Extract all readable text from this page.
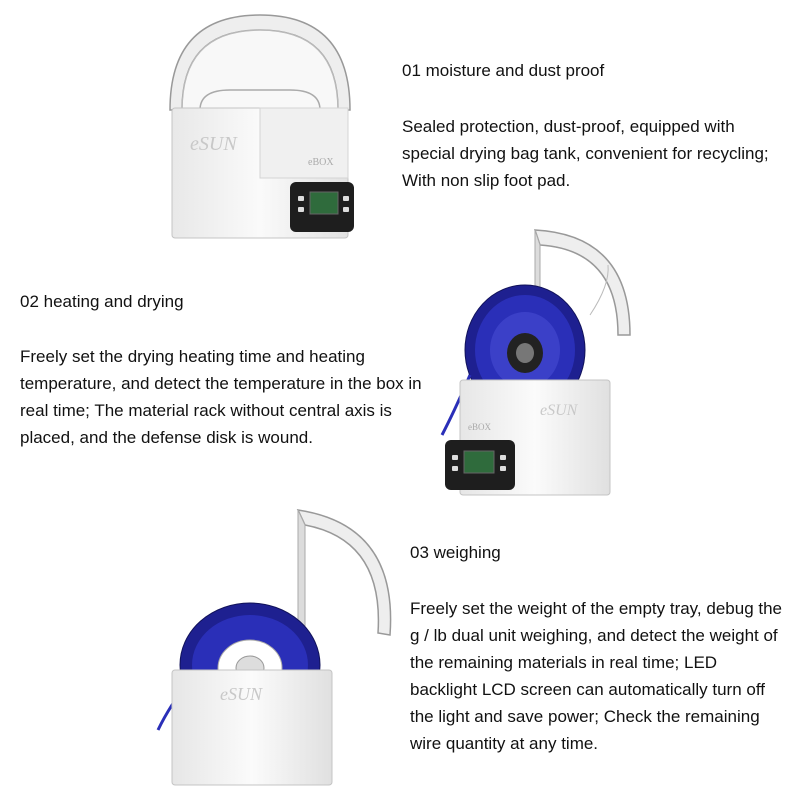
01 moisture and dust proof

Sealed protection, dust-proof, equipped with special drying bag tank, convenient for recycling; With non slip foot pad.

02 heating and drying

Freely set the drying heating time and heating temperature, and detect the temperature in the box in real time; The material rack without central axis is placed, and the defense disk is wound.

03 weighing

Freely set the weight of the empty tray, debug the g / lb dual unit weighing, and detect the weight of the remaining materials in real time; LED backlight LCD screen can automatically turn off the light and save power; Check the remaining wire quantity at any time.

eSUN
eBOX
eSUN
eBOX
eSUN
